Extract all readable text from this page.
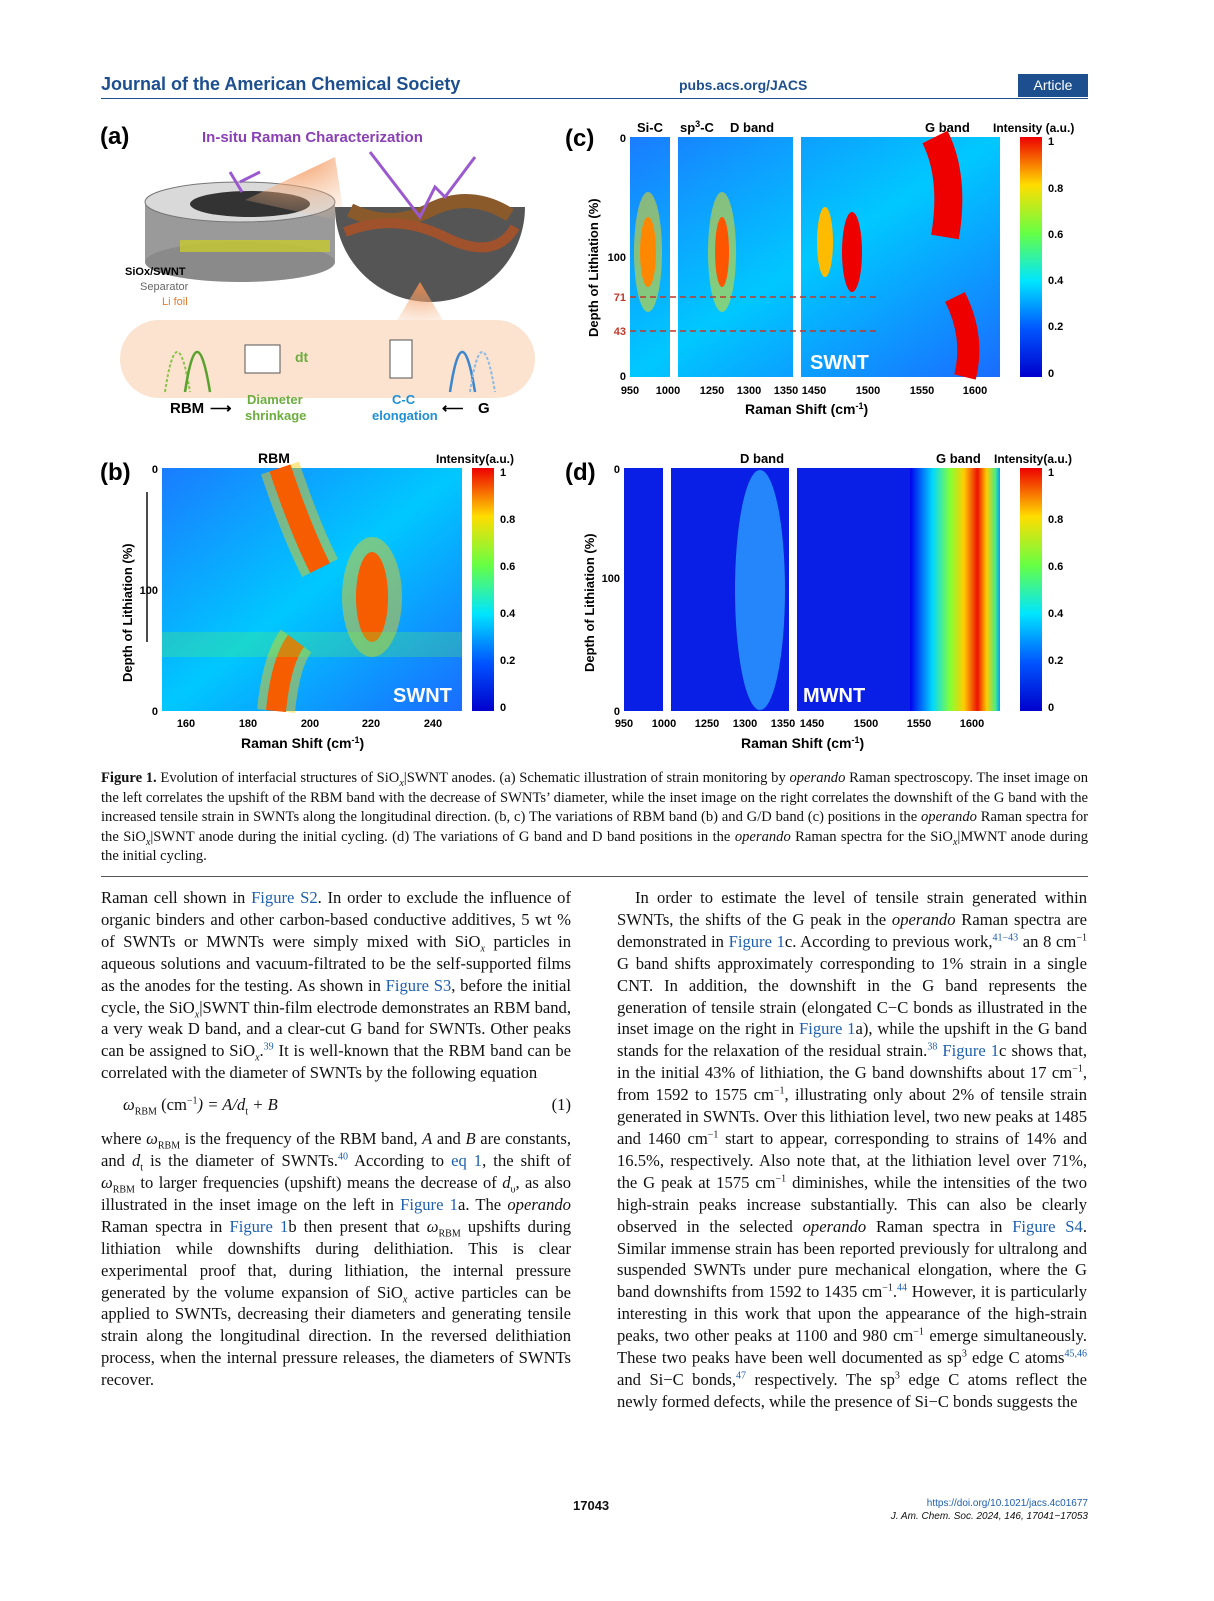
Journal of the American Chemical Society	pubs.acs.org/JACS	Article
(a)	In-situ Raman Characterization
SiOx/SWNT
Separator
Li foil
dt
RBM ⟶
Diameter
shrinkage
C-C
elongation ⟵ G
(c)	Si-C $sp^3-C$ D band	G band Intensity (a.u.)
SWNT
1
0.8
0.6
0.4
0.2
0
Depth of Lithiation (%)
0
100
71
43
0
950 1000 1250 1300 1350 1450	1500	1550	1600
Raman Shift $(cm^{-1})$
(b)
RBM	Intensity(a.u.)
SWNT
1
0.8
0.6
0.4
0.2
0
Depth of Lithiation (%)
0
100
0
160	180	200	220	240
Raman Shift $(cm^{-1})$
(d)
D band	G band Intensity(a.u.)
MWNT
1
0.8
0.6
0.4
0.2
0
Depth of Lithiation (%)
0
100
0
950 1000 1250 1300 1350 1450	1500	1550	1600
Raman Shift $(cm^{-1})$
Figure 1. Evolution of interfacial structures of SiO$_x$|SWNT anodes. (a) Schematic illustration of strain monitoring by operando Raman spectroscopy. The inset image on the left correlates the upshift of the RBM band with the decrease of SWNTs’ diameter, while the inset image on the right correlates the downshift of the G band with the increased tensile strain in SWNTs along the longitudinal direction. (b, c) The variations of RBM band (b) and G/D band (c) positions in the operando Raman spectra for the SiO$_x$|SWNT anode during the initial cycling. (d) The variations of G band and D band positions in the operando Raman spectra for the SiO$_x$|MWNT anode during the initial cycling.

Raman cell shown in Figure S2. In order to exclude the influence of organic binders and other carbon-based conductive additives, 5 wt % of SWNTs or MWNTs were simply mixed with SiO$_x$ particles in aqueous solutions and vacuum-filtrated to be the self-supported films as the anodes for the testing. As shown in Figure S3, before the initial cycle, the SiO$_x$|SWNT thin-film electrode demonstrates an RBM band, a very weak D band, and a clear-cut G band for SWNTs. Other peaks can be assigned to SiO$_x$.$^{39}$ It is well-known that the RBM band can be correlated with the diameter of SWNTs by the following equation

$\omega_{RBM}$ $(cm^{-1}) = A/d_t + B$	(1)

where $\omega_{RBM}$ is the frequency of the RBM band, A and B are constants, and $d_t$ is the diameter of SWNTs.$^{40}$ According to eq 1, the shift of $\omega_{RBM}$ to larger frequencies (upshift) means the decrease of $d_\upsilon$, as also illustrated in the inset image on the left in Figure 1a. The operando Raman spectra in Figure 1b then present that $\omega_{RBM}$ upshifts during lithiation while downshifts during delithiation. This is clear experimental proof that, during lithiation, the internal pressure generated by the volume expansion of SiO$_x$ active particles can be applied to SWNTs, decreasing their diameters and generating tensile strain along the longitudinal direction. In the reversed delithiation process, when the internal pressure releases, the diameters of SWNTs recover.

In order to estimate the level of tensile strain generated within SWNTs, the shifts of the G peak in the operando Raman spectra are demonstrated in Figure 1c. According to previous work,$^{41-43}$ an 8 $cm^{-1}$ G band shifts approximately corresponding to 1% strain in a single CNT. In addition, the downshift in the G band represents the generation of tensile strain (elongated C−C bonds as illustrated in the inset image on the right in Figure 1a), while the upshift in the G band stands for the relaxation of the residual strain.$^{38}$ Figure 1c shows that, in the initial 43% of lithiation, the G band downshifts about 17 $cm^{-1}$, from 1592 to 1575 $cm^{-1}$, illustrating only about 2% of tensile strain generated in SWNTs. Over this lithiation level, two new peaks at 1485 and 1460 $cm^{-1}$ start to appear, corresponding to strains of 14% and 16.5%, respectively. Also note that, at the lithiation level over 71%, the G peak at 1575 $cm^{-1}$ diminishes, while the intensities of the two high-strain peaks increase substantially. This can also be clearly observed in the selected operando Raman spectra in Figure S4. Similar immense strain has been reported previously for ultralong and suspended SWNTs under pure mechanical elongation, where the G band downshifts from 1592 to 1435 $cm^{-1}.^{44}$ However, it is particularly interesting in this work that upon the appearance of the high-strain peaks, two other peaks at 1100 and 980 $cm^{-1}$ emerge simultaneously. These two peaks have been well documented as $sp^3$ edge C atoms$^{45,46}$ and Si−C bonds,$^{47}$ respectively. The $sp^3$ edge C atoms reflect the newly formed defects, while the presence of Si−C bonds suggests the

17043	https://doi.org/10.1021/jacs.4c01677
J. Am. Chem. Soc. 2024, 146, 17041−17053
